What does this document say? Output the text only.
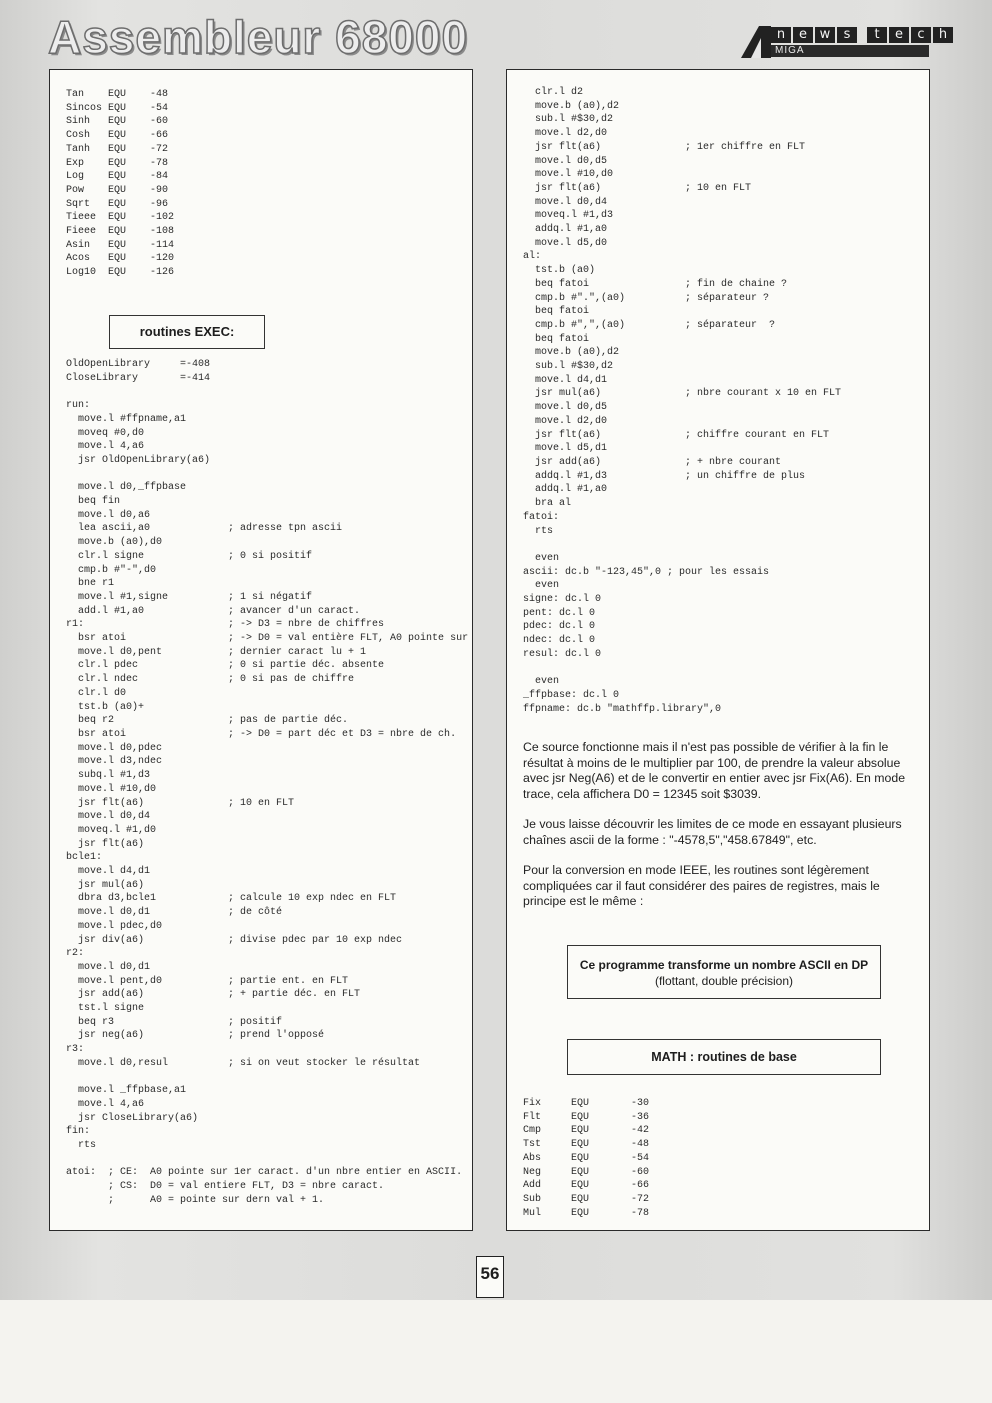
Assembleur 68000	n	e w	s	t	e	c	h
MIGA
Tan    EQU    -48
Sincos EQU    -54
Sinh   EQU    -60
Cosh   EQU    -66
Tanh   EQU    -72
Exp    EQU    -78
Log    EQU    -84
Pow    EQU    -90
Sqrt   EQU    -96
Tieee  EQU    -102
Fieee  EQU    -108
Asin   EQU    -114
Acos   EQU    -120
Log10  EQU    -126
routines EXEC:
OldOpenLibrary     =-408
CloseLibrary       =-414

run:
move.l #ffpname,a1
moveq #0,d0
move.l 4,a6
jsr OldOpenLibrary(a6)

move.l d0,_ffpbase
beq fin
move.l d0,a6
lea ascii,a0             ; adresse tpn ascii
move.b (a0),d0
clr.l signe              ; 0 si positif
cmp.b #"-",d0
bne r1
move.l #1,signe          ; 1 si négatif
add.l #1,a0              ; avancer d'un caract.
r1:                        ; -> D3 = nbre de chiffres
bsr atoi                 ; -> D0 = val entière FLT, A0 pointe sur
move.l d0,pent           ; dernier caract lu + 1
clr.l pdec               ; 0 si partie déc. absente
clr.l ndec               ; 0 si pas de chiffre
clr.l d0
tst.b (a0)+
beq r2                   ; pas de partie déc.
bsr atoi                 ; -> D0 = part déc et D3 = nbre de ch.
move.l d0,pdec
move.l d3,ndec
subq.l #1,d3
move.l #10,d0
jsr flt(a6)              ; 10 en FLT
move.l d0,d4
moveq.l #1,d0
jsr flt(a6)
bcle1:
move.l d4,d1
jsr mul(a6)
dbra d3,bcle1            ; calcule 10 exp ndec en FLT
move.l d0,d1             ; de côté
move.l pdec,d0
jsr div(a6)              ; divise pdec par 10 exp ndec
r2:
move.l d0,d1
move.l pent,d0           ; partie ent. en FLT
jsr add(a6)              ; + partie déc. en FLT
tst.l signe
beq r3                   ; positif
jsr neg(a6)              ; prend l'opposé
r3:
move.l d0,resul          ; si on veut stocker le résultat

move.l _ffpbase,a1
move.l 4,a6
jsr CloseLibrary(a6)
fin:
rts

atoi:  ; CE:  A0 pointe sur 1er caract. d'un nbre entier en ASCII.
; CS:  D0 = val entiere FLT, D3 = nbre caract.
;      A0 = pointe sur dern val + 1.
clr.l d2
move.b (a0),d2
sub.l #$30,d2
move.l d2,d0
jsr flt(a6)              ; 1er chiffre en FLT
move.l d0,d5
move.l #10,d0
jsr flt(a6)              ; 10 en FLT
move.l d0,d4
moveq.l #1,d3
addq.l #1,a0
move.l d5,d0
al:
tst.b (a0)
beq fatoi                ; fin de chaine ?
cmp.b #".",(a0)          ; séparateur ?
beq fatoi
cmp.b #",",(a0)          ; séparateur  ?
beq fatoi
move.b (a0),d2
sub.l #$30,d2
move.l d4,d1
jsr mul(a6)              ; nbre courant x 10 en FLT
move.l d0,d5
move.l d2,d0
jsr flt(a6)              ; chiffre courant en FLT
move.l d5,d1
jsr add(a6)              ; + nbre courant
addq.l #1,d3             ; un chiffre de plus
addq.l #1,a0
bra al
fatoi:
rts

even
ascii: dc.b "-123,45",0 ; pour les essais
even
signe: dc.l 0
pent: dc.l 0
pdec: dc.l 0
ndec: dc.l 0
resul: dc.l 0

even
_ffpbase: dc.l 0
ffpname: dc.b "mathffp.library",0
Ce source fonctionne mais il n'est pas possible de vérifier à la fin le résultat à moins de le multiplier par 100, de prendre la valeur absolue avec jsr Neg(A6) et de le convertir en entier avec jsr Fix(A6). En mode trace, cela affichera D0 = 12345 soit $3039.
Je vous laisse découvrir les limites de ce mode en essayant plusieurs chaînes ascii de la forme : "-4578,5","458.67849", etc.
Pour la conversion en mode IEEE, les routines sont légèrement compliquées car il faut considérer des paires de registres, mais le principe est le même :
Ce programme transforme un nombre ASCII en DP
(flottant, double précision)
MATH : routines de base
Fix     EQU       -30
Flt     EQU       -36
Cmp     EQU       -42
Tst     EQU       -48
Abs     EQU       -54
Neg     EQU       -60
Add     EQU       -66
Sub     EQU       -72
Mul     EQU       -78
56
